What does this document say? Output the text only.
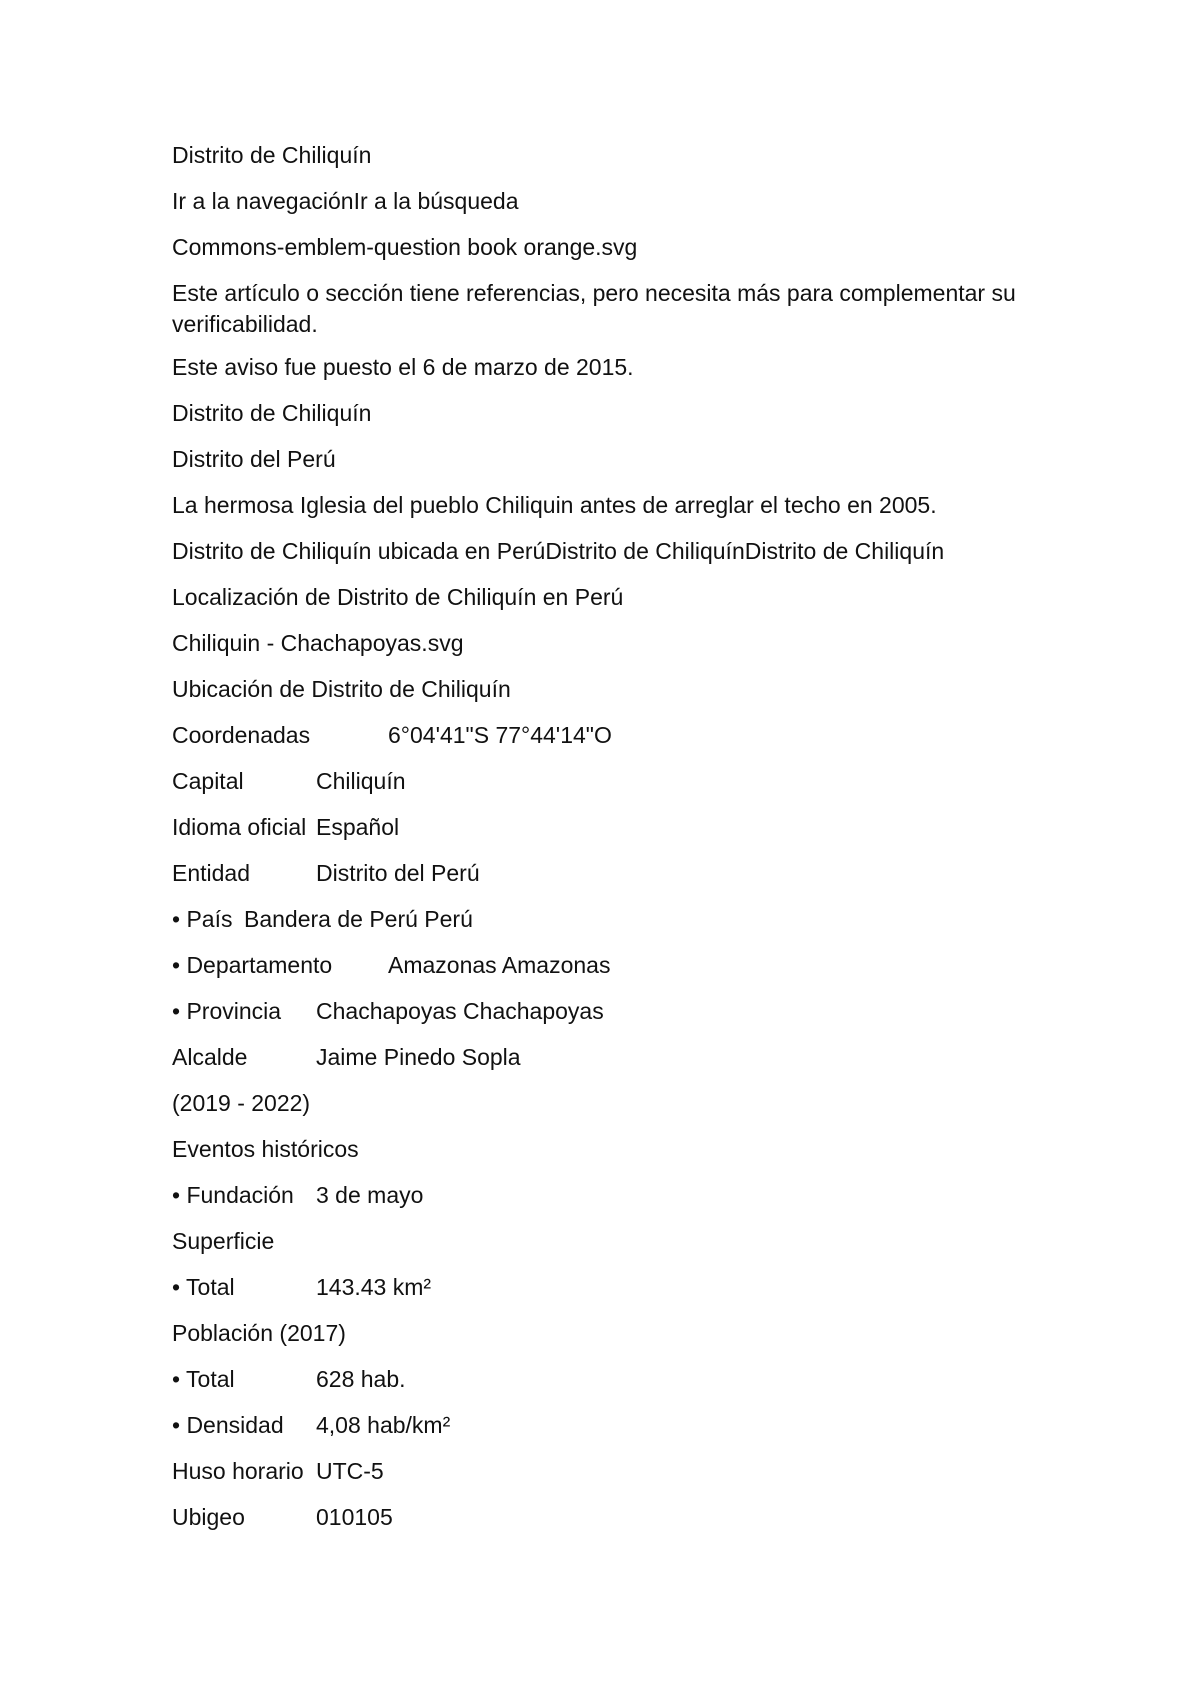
Distrito de Chiliquín
Ir a la navegaciónIr a la búsqueda
Commons-emblem-question book orange.svg
Este artículo o sección tiene referencias, pero necesita más para complementar su verificabilidad.
Este aviso fue puesto el 6 de marzo de 2015.
Distrito de Chiliquín
Distrito del Perú
La hermosa Iglesia del pueblo Chiliquin antes de arreglar el techo en 2005.
Distrito de Chiliquín ubicada en PerúDistrito de ChiliquínDistrito de Chiliquín
Localización de Distrito de Chiliquín en Perú
Chiliquin - Chachapoyas.svg
Ubicación de Distrito de Chiliquín
Coordenadas	6°04'41"S 77°44'14"O
Capital	Chiliquín
Idioma oficial Español
Entidad	Distrito del Perú
• País Bandera de Perú Perú
• Departamento Amazonas Amazonas
• Provincia Chachapoyas Chachapoyas
Alcalde	Jaime Pinedo Sopla
(2019 - 2022)
Eventos históricos
• Fundación 3 de mayo
Superficie
• Total	143.43 km²
Población (2017)
• Total	628 hab.
• Densidad 4,08 hab/km²
Huso horario UTC-5
Ubigeo	010105
